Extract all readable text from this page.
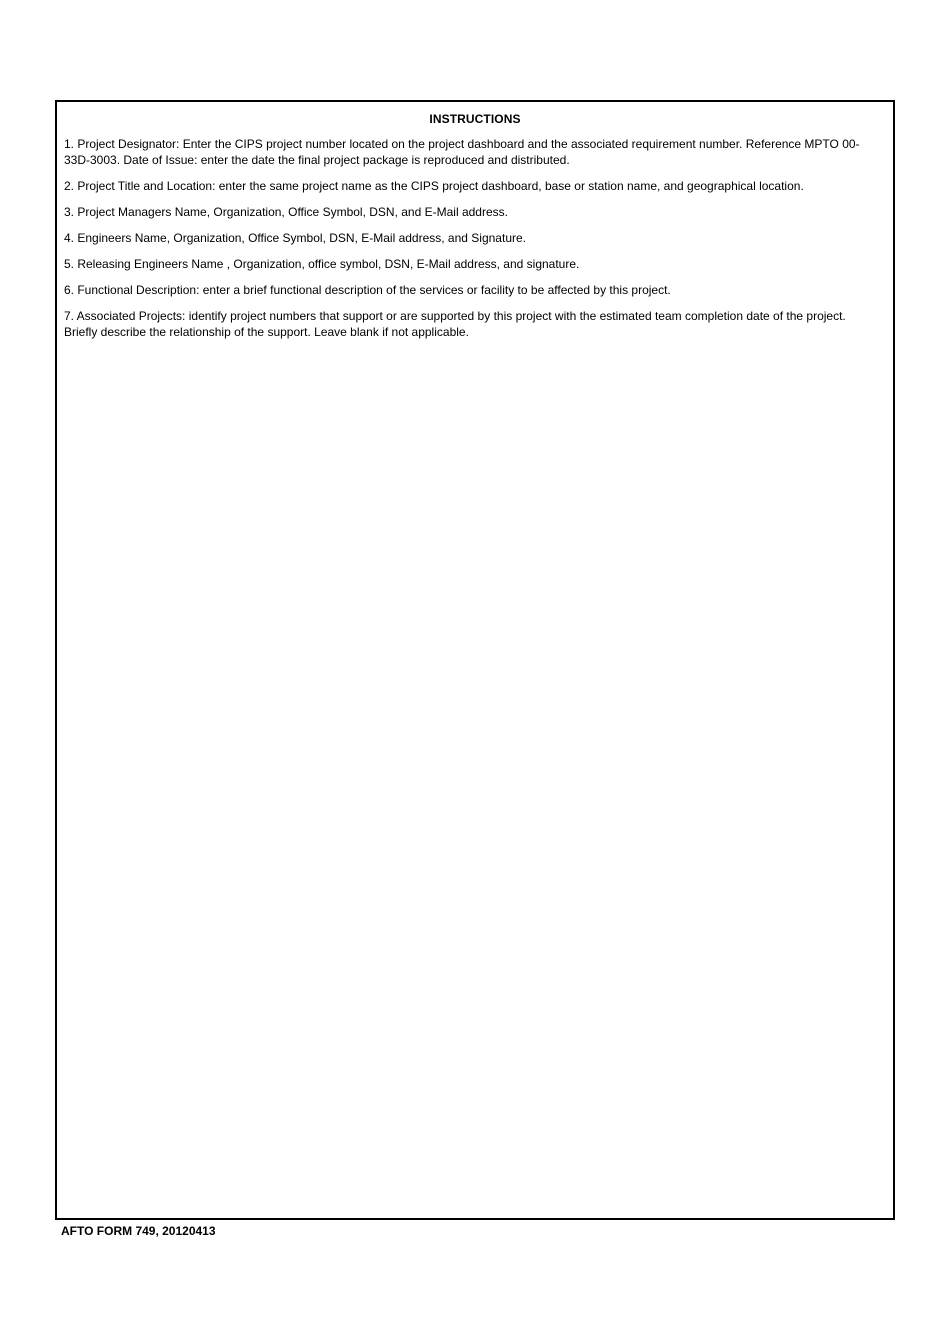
INSTRUCTIONS
1. Project Designator: Enter the CIPS project number located on the project dashboard and the associated requirement number. Reference MPTO 00-33D-3003. Date of Issue: enter the date the final project package is reproduced and distributed.
2. Project Title and Location: enter the same project name as the CIPS project dashboard, base or station name, and geographical location.
3. Project Managers Name, Organization, Office Symbol, DSN, and E-Mail address.
4. Engineers Name, Organization, Office Symbol, DSN, E-Mail address, and Signature.
5. Releasing Engineers Name , Organization, office symbol, DSN, E-Mail address, and signature.
6. Functional Description: enter a brief functional description of the services or facility to be affected by this project.
7. Associated Projects: identify project numbers that support or are supported by this project with the estimated team completion date of the project. Briefly describe the relationship of the support. Leave blank if not applicable.
AFTO FORM 749, 20120413
